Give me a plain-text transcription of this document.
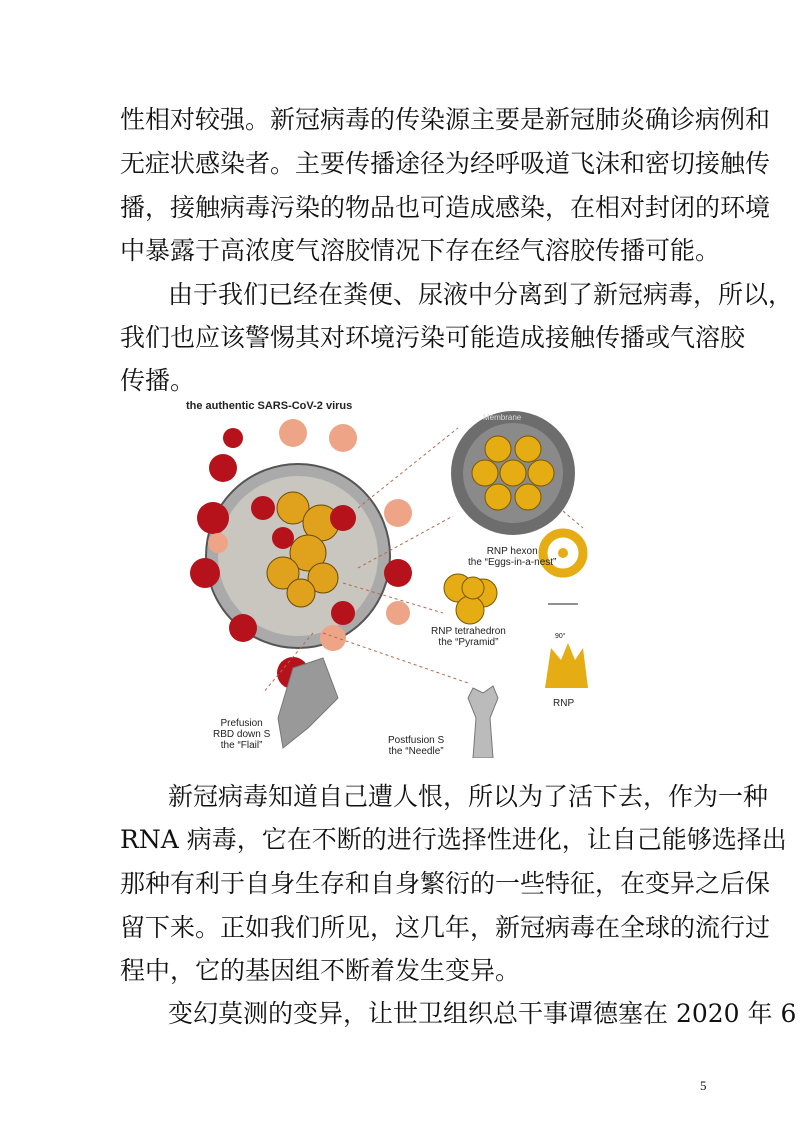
性相对较强。新冠病毒的传染源主要是新冠肺炎确诊病例和
无症状感染者。主要传播途径为经呼吸道飞沫和密切接触传
播，接触病毒污染的物品也可造成感染，在相对封闭的环境
中暴露于高浓度气溶胶情况下存在经气溶胶传播可能。
由于我们已经在粪便、尿液中分离到了新冠病毒，所以，
我们也应该警惕其对环境污染可能造成接触传播或气溶胶
传播。
the authentic SARS-CoV-2 virus
Membrane
RNP hexon
the “Eggs-in-a-nest”
RNP tetrahedron
the “Pyramid”
90°
RNP
Prefusion
RBD down S
the “Flail”	Postfusion S
the “Needle”
新冠病毒知道自己遭人恨，所以为了活下去，作为一种
RNA 病毒，它在不断的进行选择性进化，让自己能够选择出
那种有利于自身生存和自身繁衍的一些特征，在变异之后保
留下来。正如我们所见，这几年，新冠病毒在全球的流行过
程中，它的基因组不断着发生变异。
变幻莫测的变异，让世卫组织总干事谭德塞在 2020 年 6
5
